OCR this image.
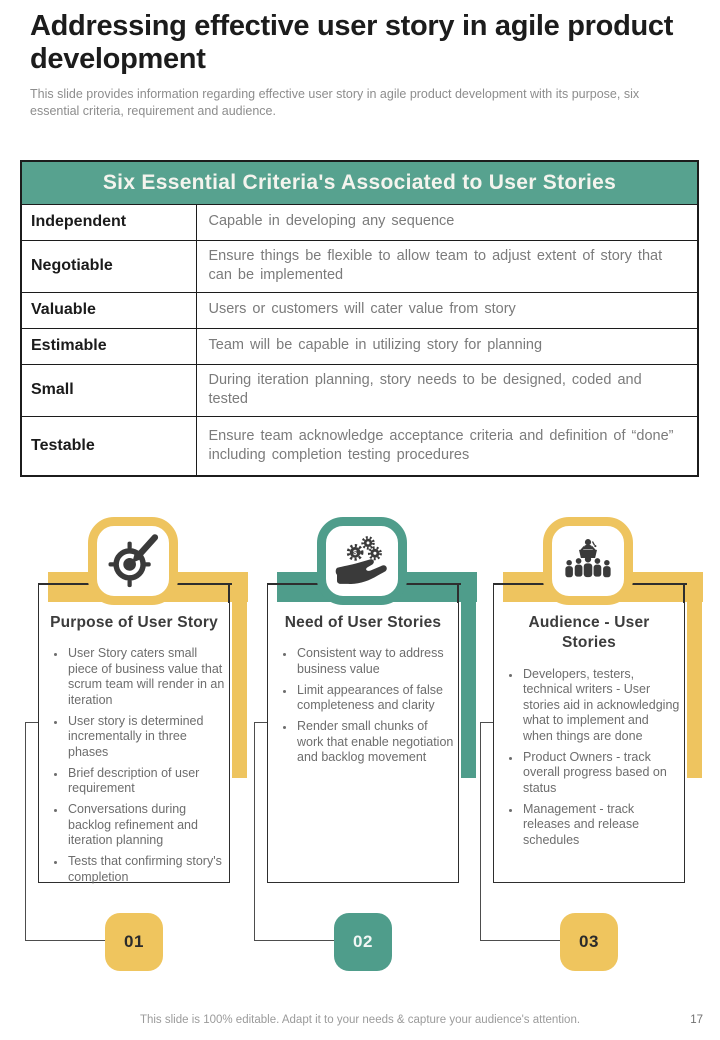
Addressing effective user story in agile product development

This slide provides information regarding effective user story in agile product development with its purpose, six essential criteria, requirement and audience.

Six Essential Criteria's Associated to User Stories	
Independent	Capable in developing any sequence
Negotiable	Ensure things be flexible to allow team to adjust extent of story that can be implemented
Valuable	Users or customers will cater value from story
Estimable	Team will be capable in utilizing story for planning
Small	During iteration planning, story needs to be designed, coded and tested
Testable	Ensure team acknowledge acceptance criteria and definition of “done” including completion testing procedures
Purpose of User Story
• User Story caters small piece of business value that scrum team will render in an iteration
• User story is determined incrementally in three phases
• Brief description of user requirement
• Conversations during backlog refinement and iteration planning
• Tests that confirming story's completion
01
Need of User Stories
• Consistent way to address business value
• Limit appearances of false completeness and clarity
• Render small chunks of work that enable negotiation and backlog movement
$
02
Audience - User Stories
• Developers, testers, technical writers - User stories aid in acknowledging what to implement and when things are done
• Product Owners - track overall progress based on status
• Management - track releases and release schedules
03
This slide is 100% editable. Adapt it to your needs & capture your audience's attention.	17
